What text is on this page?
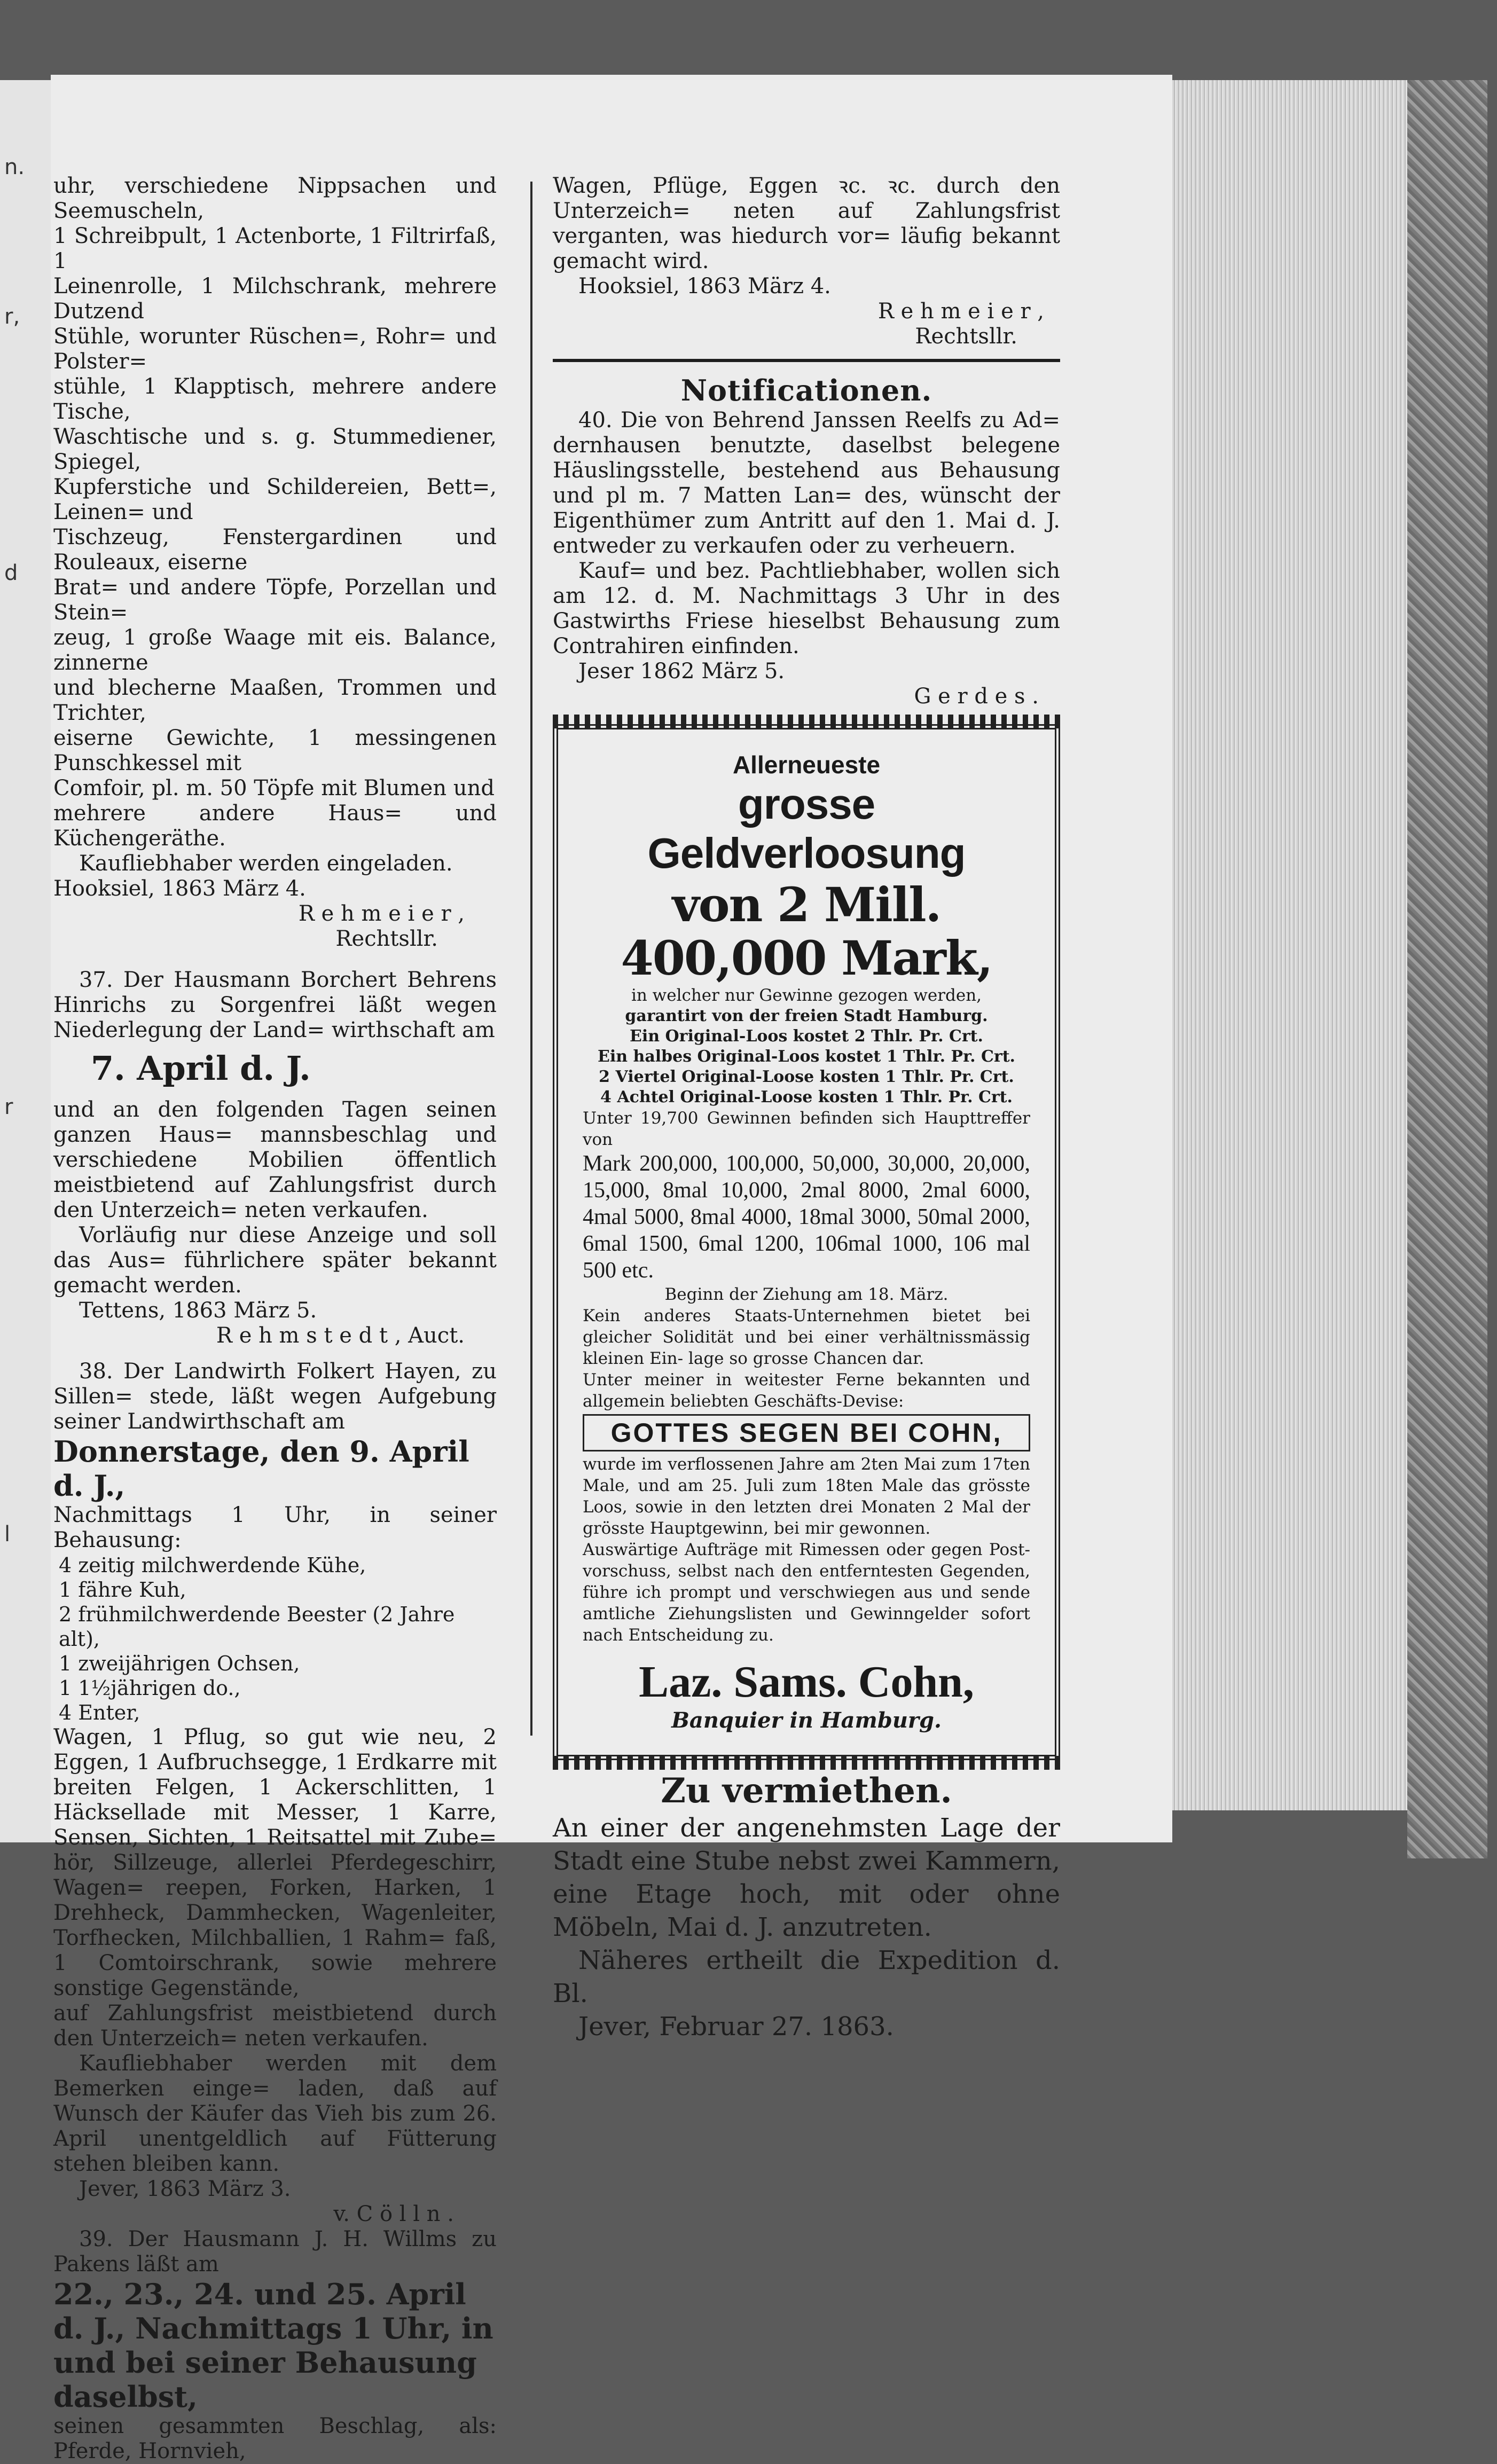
n.
r,
d
r
l

uhr, verschiedene Nippsachen und Seemuscheln,

1 Schreibpult, 1 Actenborte, 1 Filtrirfaß, 1

Leinenrolle, 1 Milchschrank, mehrere Dutzend

Stühle, worunter Rüschen=, Rohr= und Polster=

stühle, 1 Klapptisch, mehrere andere Tische,

Waschtische und s. g. Stummediener, Spiegel,

Kupferstiche und Schildereien, Bett=, Leinen= und

Tischzeug, Fenstergardinen und Rouleaux, eiserne

Brat= und andere Töpfe, Porzellan und Stein=

zeug, 1 große Waage mit eis. Balance, zinnerne

und blecherne Maaßen, Trommen und Trichter,

eiserne Gewichte, 1 messingenen Punschkessel mit

Comfoir, pl. m. 50 Töpfe mit Blumen und

mehrere andere Haus= und Küchengeräthe.

Kaufliebhaber werden eingeladen.

Hooksiel, 1863 März 4.

R e h m e i e r ,

Rechtsllr.

37. Der Hausmann Borchert Behrens Hinrichs zu Sorgenfrei läßt wegen Niederlegung der Land= wirthschaft am

7. April d. J.

und an den folgenden Tagen seinen ganzen Haus= mannsbeschlag und verschiedene Mobilien öffentlich meistbietend auf Zahlungsfrist durch den Unterzeich= neten verkaufen.

Vorläufig nur diese Anzeige und soll das Aus= führlichere später bekannt gemacht werden.

Tettens, 1863 März 5.

R e h m s t e d t , Auct.

38. Der Landwirth Folkert Hayen, zu Sillen= stede, läßt wegen Aufgebung seiner Landwirthschaft am

Donnerstage, den 9. April d. J.,

Nachmittags 1 Uhr, in seiner Behausung:

4 zeitig milchwerdende Kühe,

1 fähre Kuh,

2 frühmilchwerdende Beester (2 Jahre alt),

1 zweijährigen Ochsen,

1 1½jährigen do.,

4 Enter,

Wagen, 1 Pflug, so gut wie neu, 2 Eggen, 1 Aufbruchsegge, 1 Erdkarre mit breiten Felgen, 1 Ackerschlitten, 1 Häcksellade mit Messer, 1 Karre, Sensen, Sichten, 1 Reitsattel mit Zube= hör, Sillzeuge, allerlei Pferdegeschirr, Wagen= reepen, Forken, Harken, 1 Drehheck, Dammhecken, Wagenleiter, Torfhecken, Milchballien, 1 Rahm= faß, 1 Comtoirschrank, sowie mehrere sonstige Gegenstände,

auf Zahlungsfrist meistbietend durch den Unterzeich= neten verkaufen.

Kaufliebhaber werden mit dem Bemerken einge= laden, daß auf Wunsch der Käufer das Vieh bis zum 26. April unentgeldlich auf Fütterung stehen bleiben kann.

Jever, 1863 März 3.

v. C ö l l n .

39. Der Hausmann J. H. Willms zu Pakens läßt am

22., 23., 24. und 25. April d. J., Nachmittags 1 Uhr, in und bei seiner Behausung daselbst,

seinen gesammten Beschlag, als: Pferde, Hornvieh,

Wagen, Pflüge, Eggen ꝛc. ꝛc. durch den Unterzeich= neten auf Zahlungsfrist verganten, was hiedurch vor= läufig bekannt gemacht wird.

Hooksiel, 1863 März 4.

R e h m e i e r ,

Rechtsllr.

Notificationen.

40. Die von Behrend Janssen Reelfs zu Ad= dernhausen benutzte, daselbst belegene Häuslingsstelle, bestehend aus Behausung und pl m. 7 Matten Lan= des, wünscht der Eigenthümer zum Antritt auf den 1. Mai d. J. entweder zu verkaufen oder zu verheuern.

Kauf= und bez. Pachtliebhaber, wollen sich am 12. d. M. Nachmittags 3 Uhr in des Gastwirths Friese hieselbst Behausung zum Contrahiren einfinden.

Jeser 1862 März 5.

G e r d e s .

Allerneueste

grosse Geldverloosung

von 2 Mill. 400,000 Mark,

in welcher nur Gewinne gezogen werden,

garantirt von der freien Stadt Hamburg.

Ein Original-Loos kostet 2 Thlr. Pr. Crt.

Ein halbes Original-Loos kostet 1 Thlr. Pr. Crt.

2 Viertel Original-Loose kosten 1 Thlr. Pr. Crt.

4 Achtel Original-Loose kosten 1 Thlr. Pr. Crt.

Unter 19,700 Gewinnen befinden sich Haupttreffer von

Mark 200,000, 100,000, 50,000, 30,000, 20,000, 15,000, 8mal 10,000, 2mal 8000, 2mal 6000, 4mal 5000, 8mal 4000, 18mal 3000, 50mal 2000, 6mal 1500, 6mal 1200, 106mal 1000, 106 mal 500 etc.

Beginn der Ziehung am 18. März.

Kein anderes Staats-Unternehmen bietet bei gleicher Solidität und bei einer verhältnissmässig kleinen Ein- lage so grosse Chancen dar.

Unter meiner in weitester Ferne bekannten und allgemein beliebten Geschäfts-Devise:

GOTTES SEGEN BEI COHN,

wurde im verflossenen Jahre am 2ten Mai zum 17ten Male, und am 25. Juli zum 18ten Male das grösste Loos, sowie in den letzten drei Monaten 2 Mal der grösste Hauptgewinn, bei mir gewonnen.

Auswärtige Aufträge mit Rimessen oder gegen Post- vorschuss, selbst nach den entferntesten Gegenden, führe ich prompt und verschwiegen aus und sende amtliche Ziehungslisten und Gewinngelder sofort nach Entscheidung zu.

Laz. Sams. Cohn,

Banquier in Hamburg.

Zu vermiethen.

An einer der angenehmsten Lage der Stadt eine Stube nebst zwei Kammern, eine Etage hoch, mit oder ohne Möbeln, Mai d. J. anzutreten.

Näheres ertheilt die Expedition d. Bl.

Jever, Februar 27. 1863.
